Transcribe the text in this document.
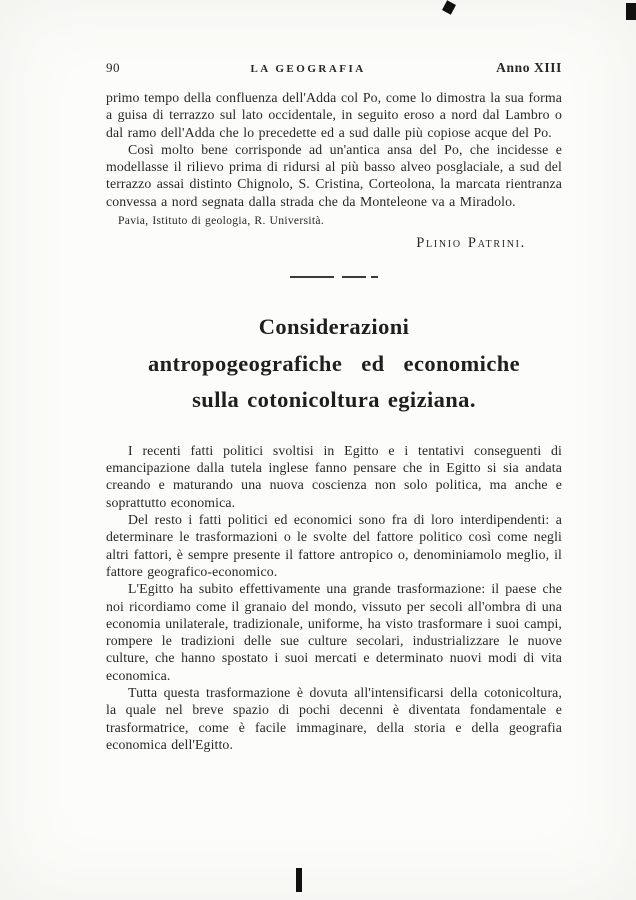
90	LA GEOGRAFIA	Anno XIII

primo tempo della confluenza dell'Adda col Po, come lo dimostra la sua forma a guisa di terrazzo sul lato occidentale, in seguito eroso a nord dal Lambro o dal ramo dell'Adda che lo precedette ed a sud dalle più copiose acque del Po.

Così molto bene corrisponde ad un'antica ansa del Po, che incidesse e modellasse il rilievo prima di ridursi al più basso alveo posglaciale, a sud del terrazzo assai distinto Chignolo, S. Cristina, Corteolona, la marcata rientranza convessa a nord segnata dalla strada che da Monteleone va a Miradolo.

Pavia, Istituto di geologia, R. Università.

Plinio Patrini.

Considerazioni
antropogeografiche ed economiche
sulla cotonicoltura egiziana.

I recenti fatti politici svoltisi in Egitto e i tentativi conseguenti di emancipazione dalla tutela inglese fanno pensare che in Egitto si sia andata creando e maturando una nuova coscienza non solo politica, ma anche e soprattutto economica.

Del resto i fatti politici ed economici sono fra di loro interdipendenti: a determinare le trasformazioni o le svolte del fattore politico così come negli altri fattori, è sempre presente il fattore antropico o, denominiamolo meglio, il fattore geografico-economico.

L'Egitto ha subito effettivamente una grande trasformazione: il paese che noi ricordiamo come il granaio del mondo, vissuto per secoli all'ombra di una economia unilaterale, tradizionale, uniforme, ha visto trasformare i suoi campi, rompere le tradizioni delle sue culture secolari, industrializzare le nuove culture, che hanno spostato i suoi mercati e determinato nuovi modi di vita economica.

Tutta questa trasformazione è dovuta all'intensificarsi della cotonicoltura, la quale nel breve spazio di pochi decenni è diventata fondamentale e trasformatrice, come è facile immaginare, della storia e della geografia economica dell'Egitto.
